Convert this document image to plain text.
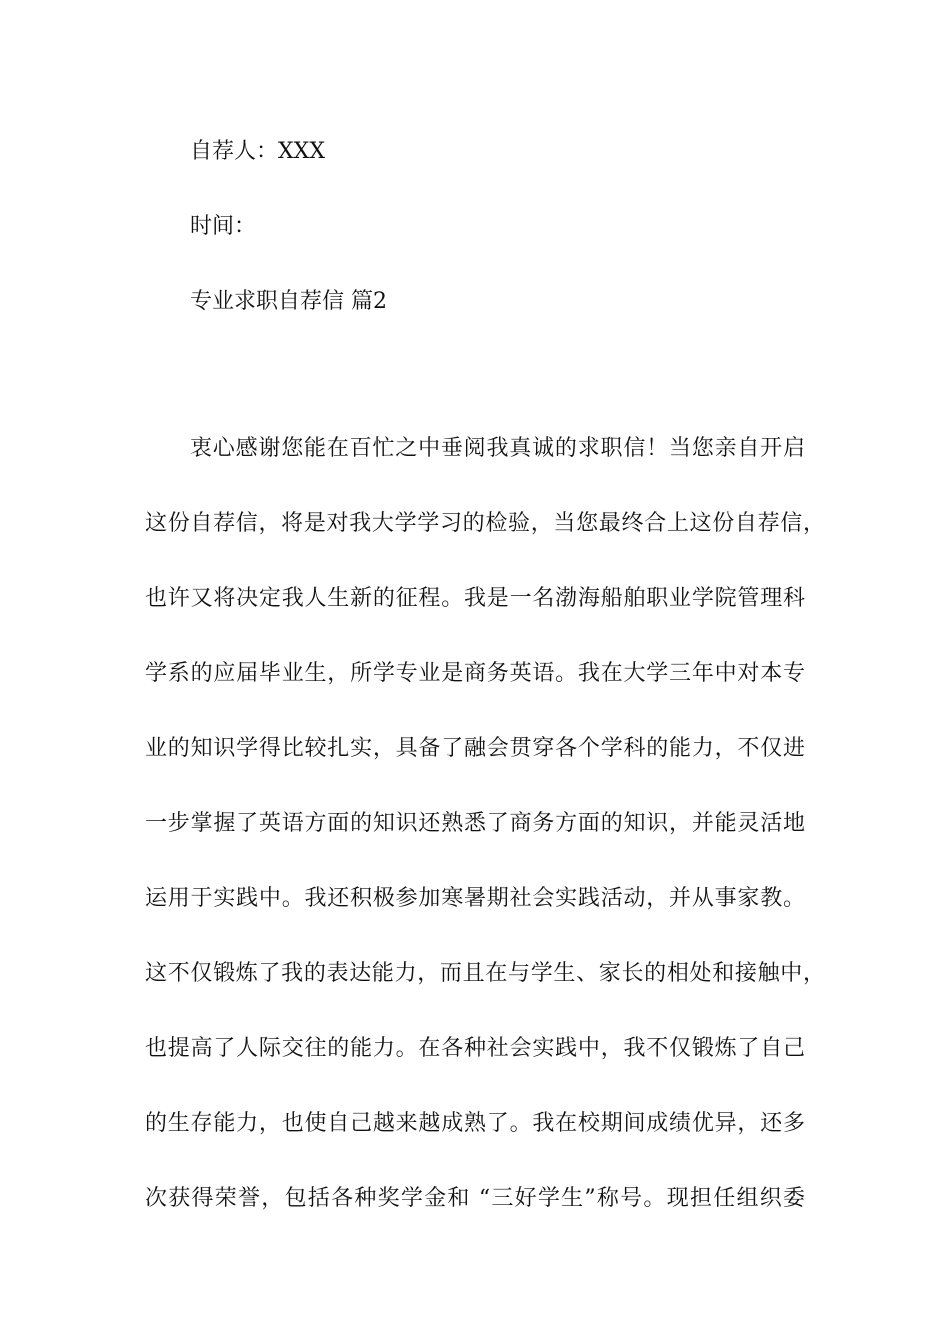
自荐人：XXX
时间：
专业求职自荐信 篇2
衷心感谢您能在百忙之中垂阅我真诚的求职信！当您亲自开启
这份自荐信，将是对我大学学习的检验，当您最终合上这份自荐信，
也许又将决定我人生新的征程。我是一名渤海船舶职业学院管理科
学系的应届毕业生，所学专业是商务英语。我在大学三年中对本专
业的知识学得比较扎实，具备了融会贯穿各个学科的能力，不仅进
一步掌握了英语方面的知识还熟悉了商务方面的知识，并能灵活地
运用于实践中。我还积极参加寒暑期社会实践活动，并从事家教。
这不仅锻炼了我的表达能力，而且在与学生、家长的相处和接触中，
也提高了人际交往的能力。在各种社会实践中，我不仅锻炼了自己
的生存能力，也使自己越来越成熟了。我在校期间成绩优异，还多
次获得荣誉，包括各种奖学金和 “三好学生”称号。现担任组织委
